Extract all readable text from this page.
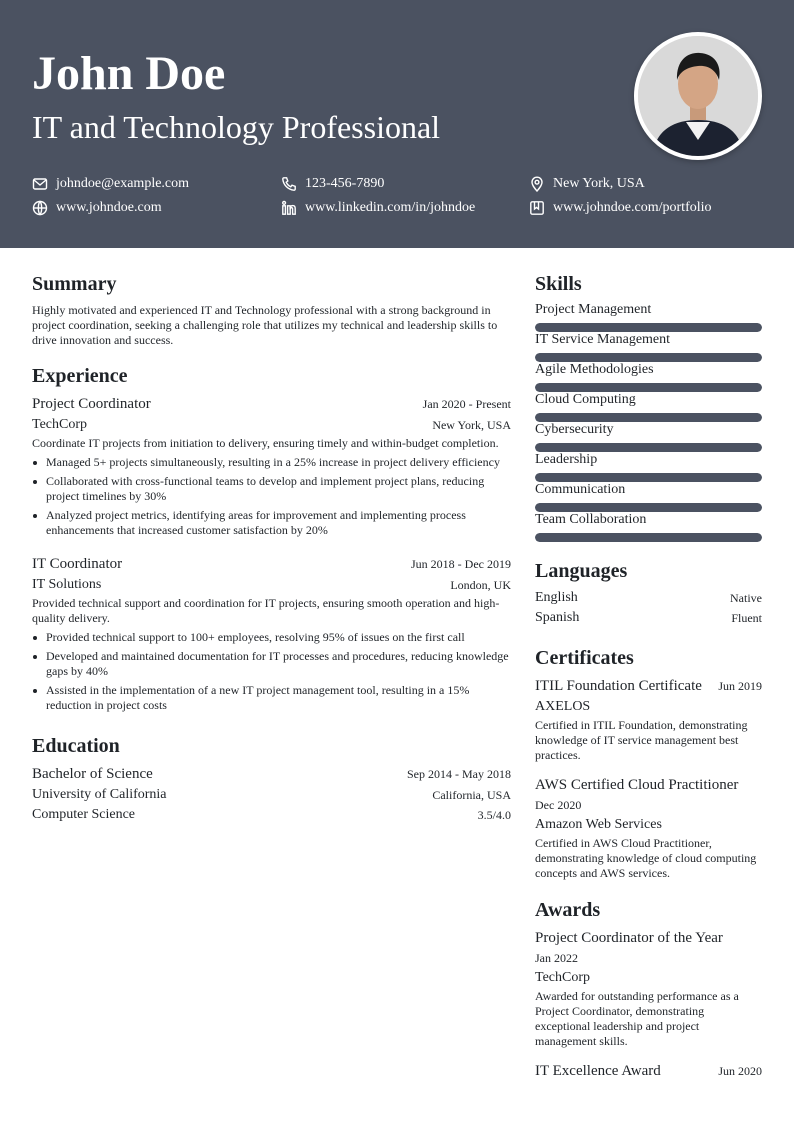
John Doe
IT and Technology Professional
johndoe@example.com	123-456-7890	New York, USA
www.johndoe.com	www.linkedin.com/in/johndoe	www.johndoe.com/portfolio
Summary
Highly motivated and experienced IT and Technology professional with a strong background in project coordination, seeking a challenging role that utilizes my technical and leadership skills to drive innovation and success.
Experience
Project Coordinator	Jan 2020 - Present
TechCorp	New York, USA
Coordinate IT projects from initiation to delivery, ensuring timely and within-budget completion.
Managed 5+ projects simultaneously, resulting in a 25% increase in project delivery efficiency
Collaborated with cross-functional teams to develop and implement project plans, reducing project timelines by 30%
Analyzed project metrics, identifying areas for improvement and implementing process enhancements that increased customer satisfaction by 20%
IT Coordinator	Jun 2018 - Dec 2019
IT Solutions	London, UK
Provided technical support and coordination for IT projects, ensuring smooth operation and high-quality delivery.
Provided technical support to 100+ employees, resolving 95% of issues on the first call
Developed and maintained documentation for IT processes and procedures, reducing knowledge gaps by 40%
Assisted in the implementation of a new IT project management tool, resulting in a 15% reduction in project costs
Education
Bachelor of Science	Sep 2014 - May 2018
University of California	California, USA
Computer Science	3.5/4.0
Skills
Project Management
IT Service Management
Agile Methodologies
Cloud Computing
Cybersecurity
Leadership
Communication
Team Collaboration
Languages
English	Native
Spanish	Fluent
Certificates
ITIL Foundation Certificate	Jun 2019
AXELOS
Certified in ITIL Foundation, demonstrating knowledge of IT service management best practices.
AWS Certified Cloud Practitioner
Dec 2020
Amazon Web Services
Certified in AWS Cloud Practitioner, demonstrating knowledge of cloud computing concepts and AWS services.
Awards
Project Coordinator of the Year
Jan 2022
TechCorp
Awarded for outstanding performance as a Project Coordinator, demonstrating exceptional leadership and project management skills.
IT Excellence Award	Jun 2020
